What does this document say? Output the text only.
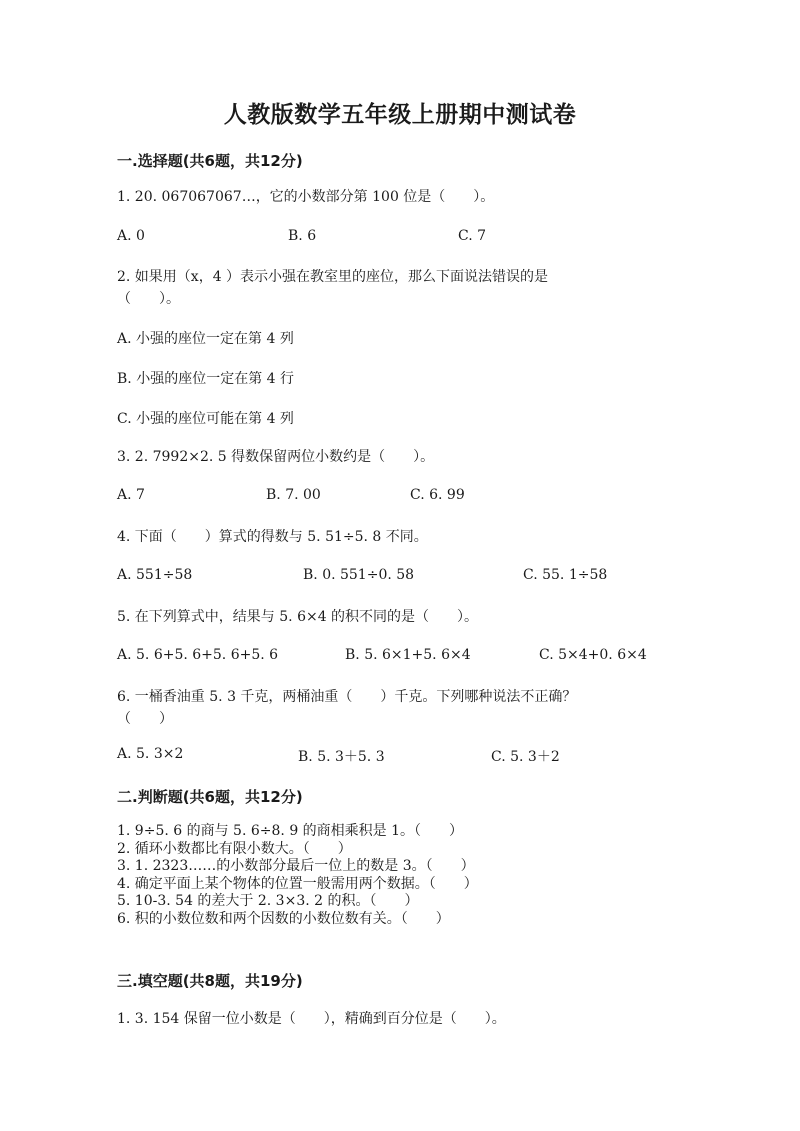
人教版数学五年级上册期中测试卷
一.选择题(共6题，共12分)
1. 20. 067067067…，它的小数部分第 100 位是（　　）。
A. 0	B. 6	C. 7
2. 如果用（x，4 ）表示小强在教室里的座位，那么下面说法错误的是
（　　）。
A. 小强的座位一定在第 4 列
B. 小强的座位一定在第 4 行
C. 小强的座位可能在第 4 列
3. 2. 7992×2. 5 得数保留两位小数约是（　　）。
A. 7	B. 7. 00	C. 6. 99
4. 下面（　　）算式的得数与 5. 51÷5. 8 不同。
A. 551÷58	B. 0. 551÷0. 58	C. 55. 1÷58
5. 在下列算式中，结果与 5. 6×4 的积不同的是（　　）。
A. 5. 6+5. 6+5. 6+5. 6	B. 5. 6×1+5. 6×4	C. 5×4+0. 6×4
6. 一桶香油重 5. 3 千克，两桶油重（　　）千克。下列哪种说法不正确？
（　　）
A. 5. 3×2	B. 5. 3＋5. 3	C. 5. 3＋2
二.判断题(共6题，共12分)
1. 9÷5. 6 的商与 5. 6÷8. 9 的商相乘积是 1。（　　）
2. 循环小数都比有限小数大。（　　）
3. 1. 2323……的小数部分最后一位上的数是 3。（　　）
4. 确定平面上某个物体的位置一般需用两个数据。（　　）
5. 10-3. 54 的差大于 2. 3×3. 2 的积。（　　）
6. 积的小数位数和两个因数的小数位数有关。（　　）
三.填空题(共8题，共19分)
1. 3. 154 保留一位小数是（　　），精确到百分位是（　　）。
